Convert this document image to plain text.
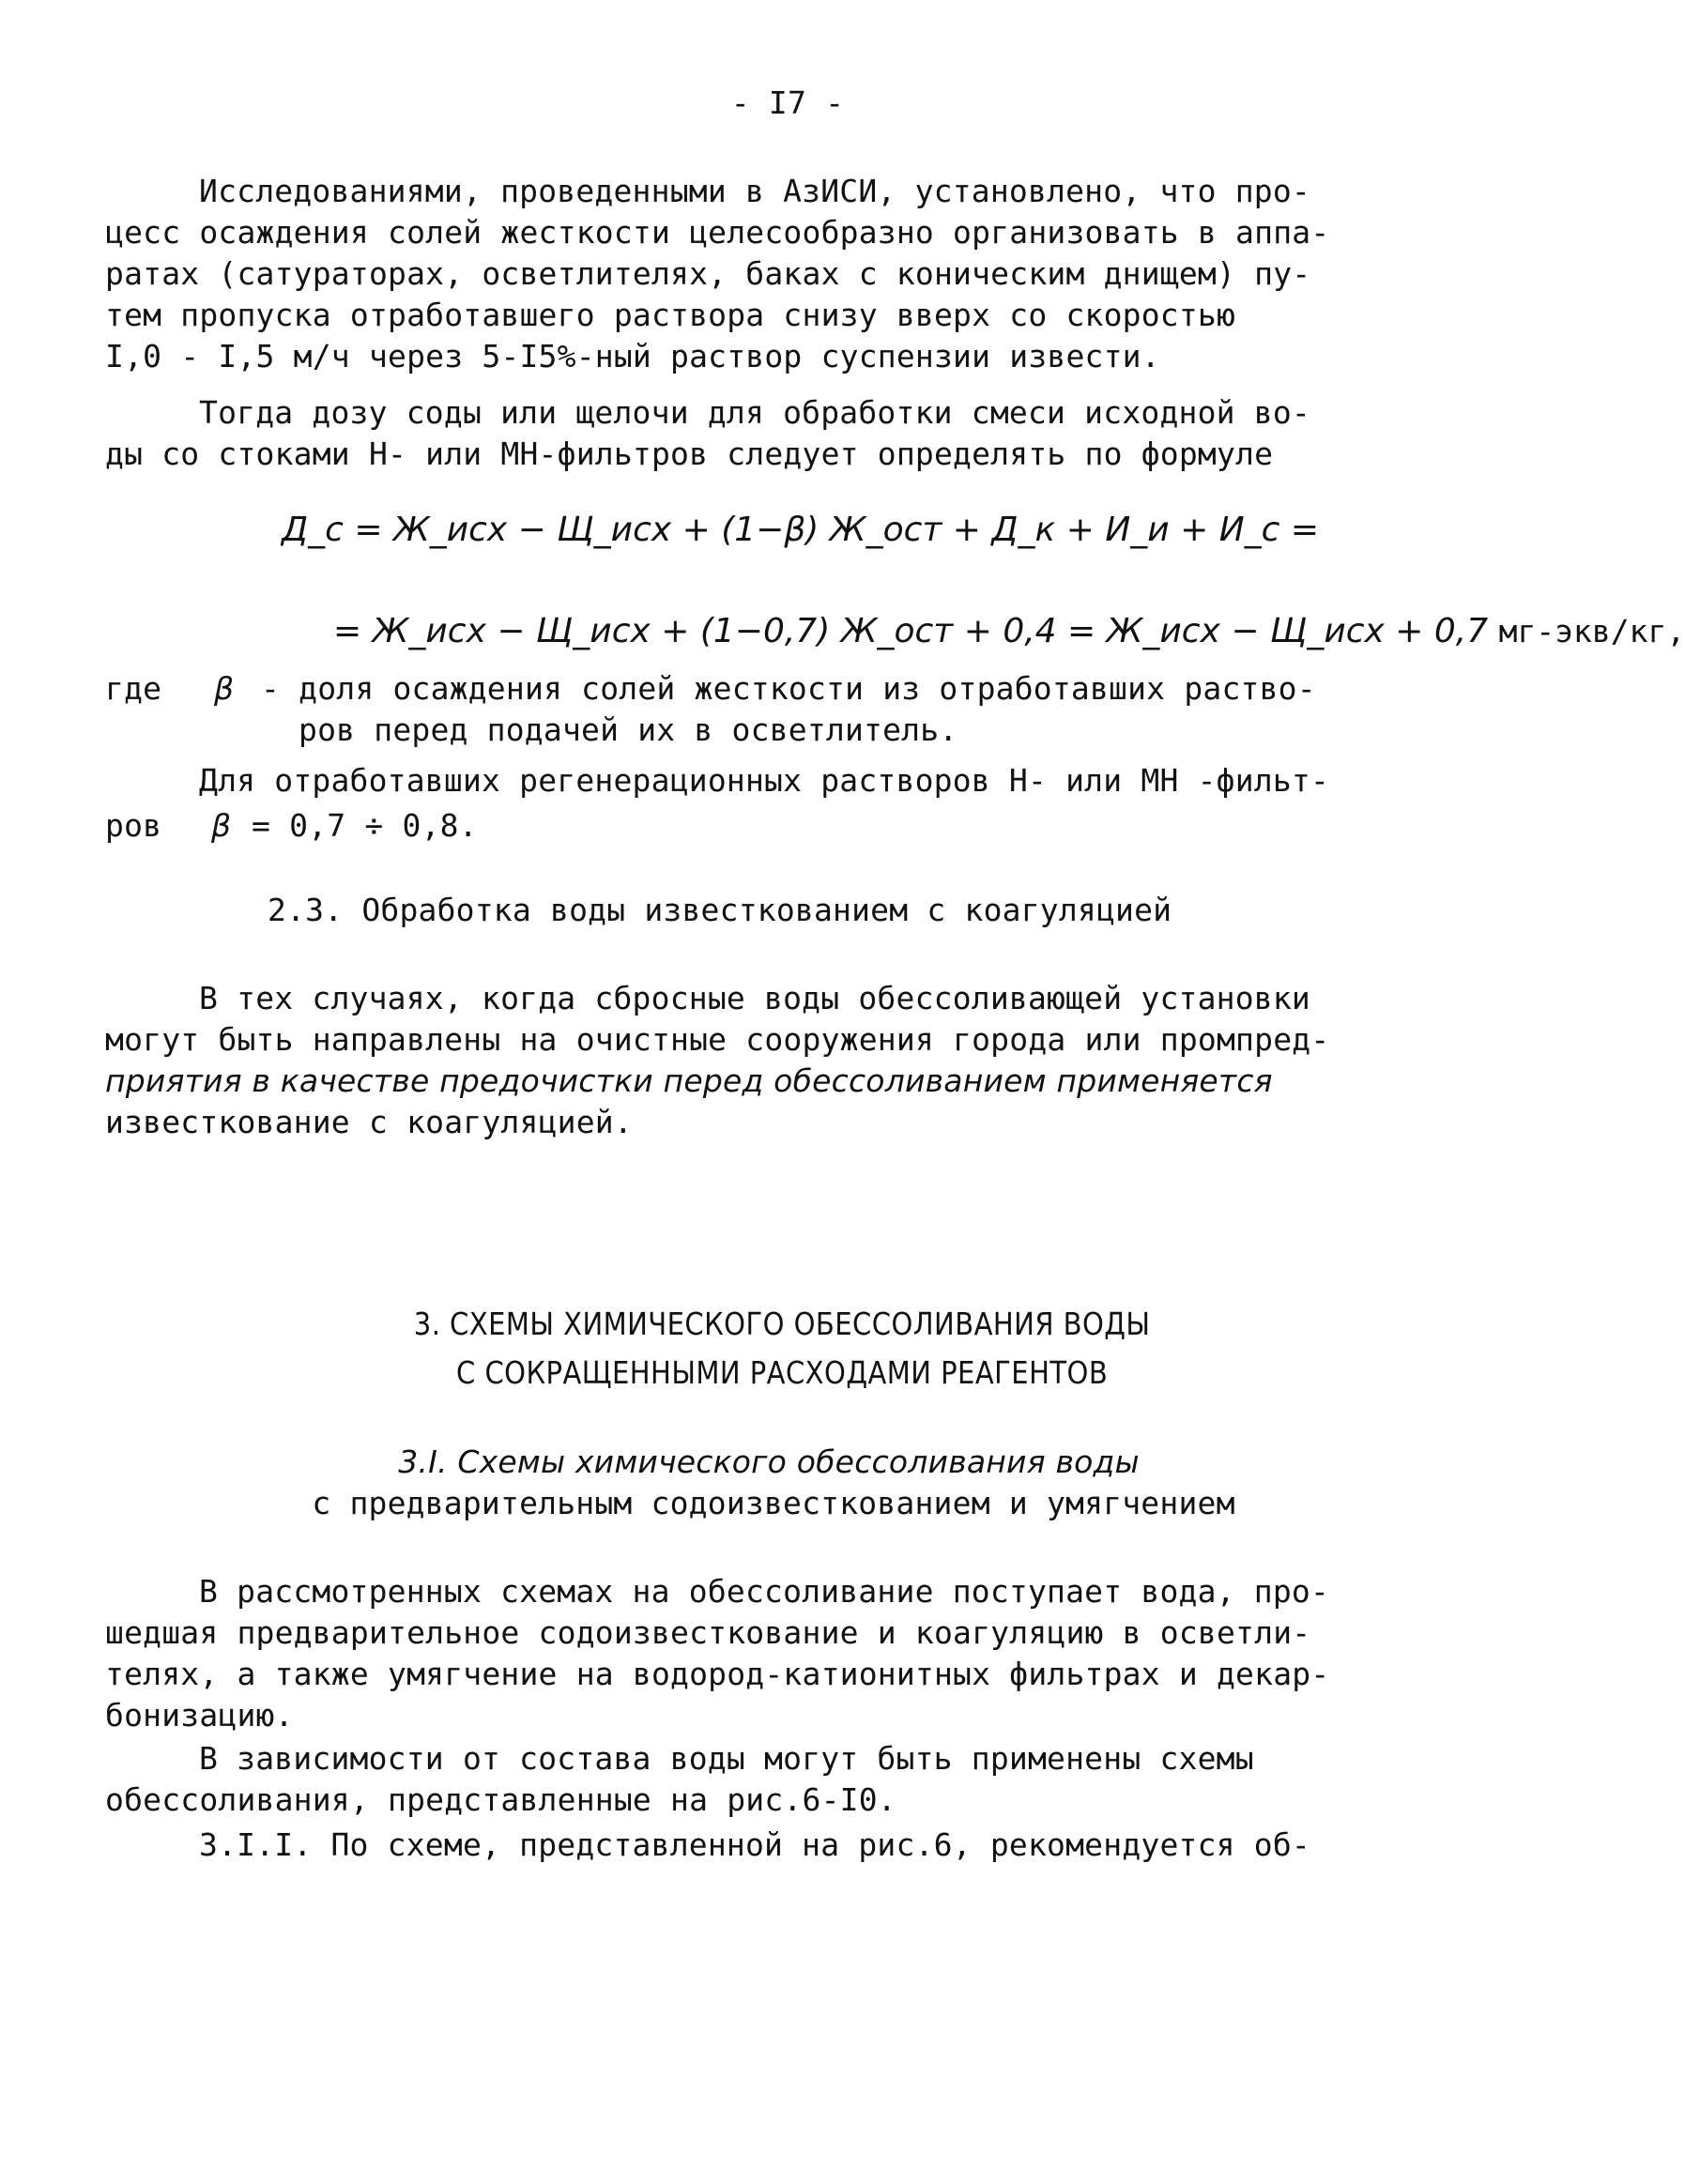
- I7 -
Исследованиями, проведенными в АзИСИ, установлено, что про-
цесс осаждения солей жесткости целесообразно организовать в аппа-
ратах (сатураторах, осветлителях, баках с коническим днищем) пу-
тем пропуска отработавшего раствора снизу вверх со скоростью
I,0 - I,5 м/ч через 5-I5%-ный раствор суспензии извести.
Тогда дозу соды или щелочи для обработки смеси исходной во-
ды со стоками Н- или МН-фильтров следует определять по формуле
Д_с = Ж_исх − Щ_исх + (1−β) Ж_ост + Д_к + И_и + И_с =
= Ж_исх − Щ_исх + (1−0,7) Ж_ост + 0,4 = Ж_исх − Щ_исх + 0,7 мг-экв/кг,
где β - доля осаждения солей жесткости из отработавших раство-
ров перед подачей их в осветлитель.
Для отработавших регенерационных растворов Н- или МН -фильт-
ров β = 0,7 ÷ 0,8.
2.3. Обработка воды известкованием с коагуляцией
В тех случаях, когда сбросные воды обессоливающей установки
могут быть направлены на очистные сооружения города или промпред-
приятия в качестве предочистки перед обессоливанием применяется
известкование с коагуляцией.
3. СХЕМЫ ХИМИЧЕСКОГО ОБЕССОЛИВАНИЯ ВОДЫ
С СОКРАЩЕННЫМИ РАСХОДАМИ РЕАГЕНТОВ
3.I. Схемы химического обессоливания воды
с предварительным содоизвесткованием и умягчением
В рассмотренных схемах на обессоливание поступает вода, про-
шедшая предварительное содоизвесткование и коагуляцию в осветли-
телях, а также умягчение на водород-катионитных фильтрах и декар-
бонизацию.
В зависимости от состава воды могут быть применены схемы
обессоливания, представленные на рис.6-I0.
3.I.I. По схеме, представленной на рис.6, рекомендуется об-
